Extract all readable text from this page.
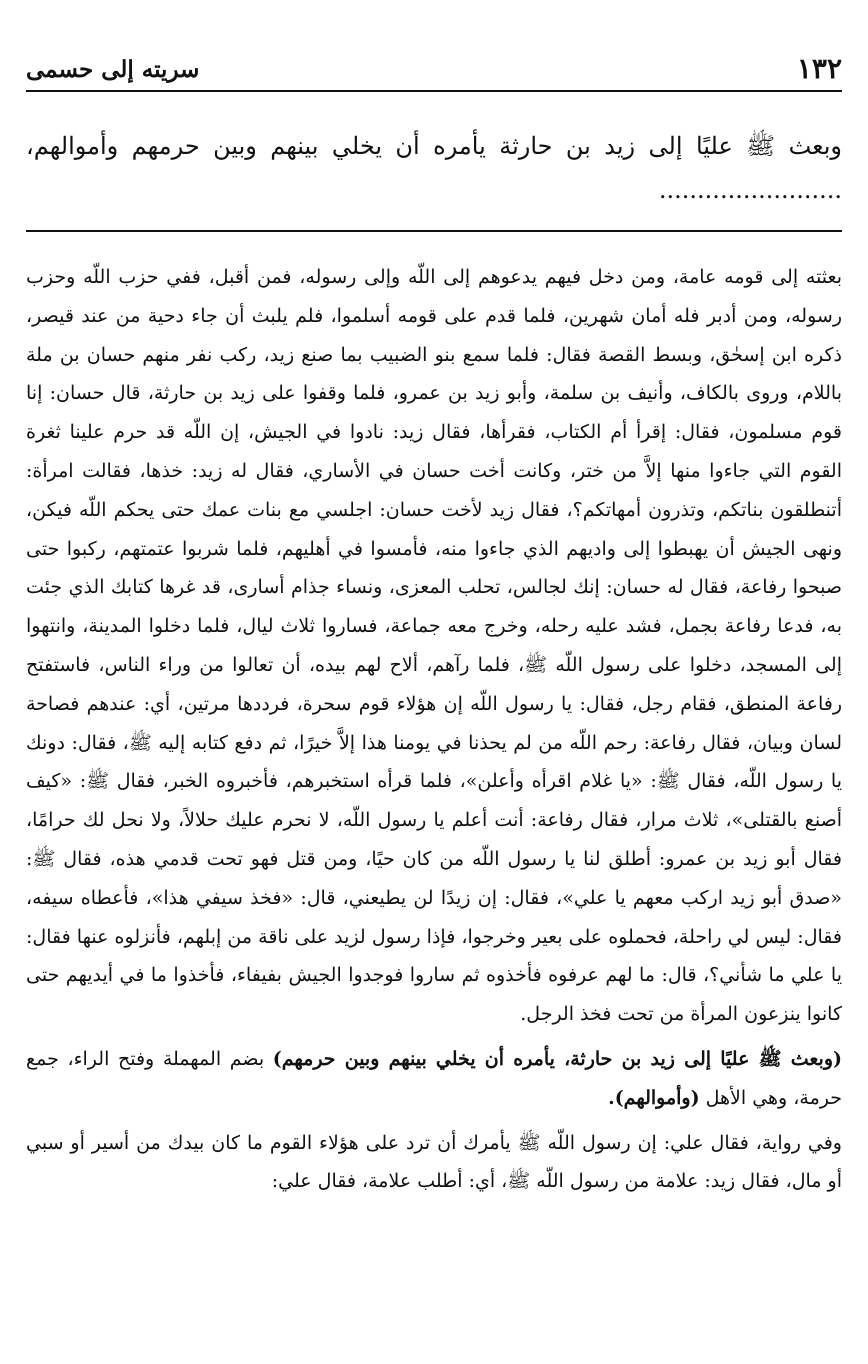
سريته إلى حسمى	١٣٢

وبعث ﷺ عليًا إلى زيد بن حارثة يأمره أن يخلي بينهم وبين حرمهم وأموالهم، ........................

بعثته إلى قومه عامة، ومن دخل فيهم يدعوهم إلى اللّه وإلى رسوله، فمن أقبل، ففي حزب اللّه وحزب رسوله، ومن أدبر فله أمان شهرين، فلما قدم على قومه أسلموا، فلم يلبث أن جاء دحية من عند قيصر، ذكره ابن إسحٰق، وبسط القصة فقال: فلما سمع بنو الضبيب بما صنع زيد، ركب نفر منهم حسان بن ملة باللام، وروى بالكاف، وأنيف بن سلمة، وأبو زيد بن عمرو، فلما وقفوا على زيد بن حارثة، قال حسان: إنا قوم مسلمون، فقال: إقرأ أم الكتاب، فقرأها، فقال زيد: نادوا في الجيش، إن اللّه قد حرم علينا ثغرة القوم التي جاءوا منها إلاَّ من ختر، وكانت أخت حسان في الأساري، فقال له زيد: خذها، فقالت امرأة: أتنطلقون بناتكم، وتذرون أمهاتكم؟، فقال زيد لأخت حسان: اجلسي مع بنات عمك حتى يحكم اللّه فيكن، ونهى الجيش أن يهبطوا إلى واديهم الذي جاءوا منه، فأمسوا في أهليهم، فلما شربوا عتمتهم، ركبوا حتى صبحوا رفاعة، فقال له حسان: إنك لجالس، تحلب المعزى، ونساء جذام أسارى، قد غرها كتابك الذي جئت به، فدعا رفاعة بجمل، فشد عليه رحله، وخرج معه جماعة، فساروا ثلاث ليال، فلما دخلوا المدينة، وانتهوا إلى المسجد، دخلوا على رسول اللّه ﷺ، فلما رآهم، ألاح لهم بيده، أن تعالوا من وراء الناس، فاستفتح رفاعة المنطق، فقام رجل، فقال: يا رسول اللّه إن هؤلاء قوم سحرة، فرددها مرتين، أي: عندهم فصاحة لسان وبيان، فقال رفاعة: رحم اللّه من لم يحذنا في يومنا هذا إلاَّ خيرًا، ثم دفع كتابه إليه ﷺ، فقال: دونك يا رسول اللّه، فقال ﷺ: «يا غلام اقرأه وأعلن»، فلما قرأه استخبرهم، فأخبروه الخبر، فقال ﷺ: «كيف أصنع بالقتلى»، ثلاث مرار، فقال رفاعة: أنت أعلم يا رسول اللّه، لا نحرم عليك حلالاً، ولا نحل لك حرامًا، فقال أبو زيد بن عمرو: أطلق لنا يا رسول اللّه من كان حيًا، ومن قتل فهو تحت قدمي هذه، فقال ﷺ: «صدق أبو زيد اركب معهم يا علي»، فقال: إن زيدًا لن يطيعني، قال: «فخذ سيفي هذا»، فأعطاه سيفه، فقال: ليس لي راحلة، فحملوه على بعير وخرجوا، فإذا رسول لزيد على ناقة من إبلهم، فأنزلوه عنها فقال: يا علي ما شأني؟، قال: ما لهم عرفوه فأخذوه ثم ساروا فوجدوا الجيش بفيفاء، فأخذوا ما في أيديهم حتى كانوا ينزعون المرأة من تحت فخذ الرجل.

(وبعث ﷺ عليًا إلى زيد بن حارثة، يأمره أن يخلي بينهم وبين حرمهم) بضم المهملة وفتح الراء، جمع حرمة، وهي الأهل (وأموالهم).

وفي رواية، فقال علي: إن رسول اللّه ﷺ يأمرك أن ترد على هؤلاء القوم ما كان بيدك من أسير أو سبي أو مال، فقال زيد: علامة من رسول اللّه ﷺ، أي: أطلب علامة، فقال علي:
